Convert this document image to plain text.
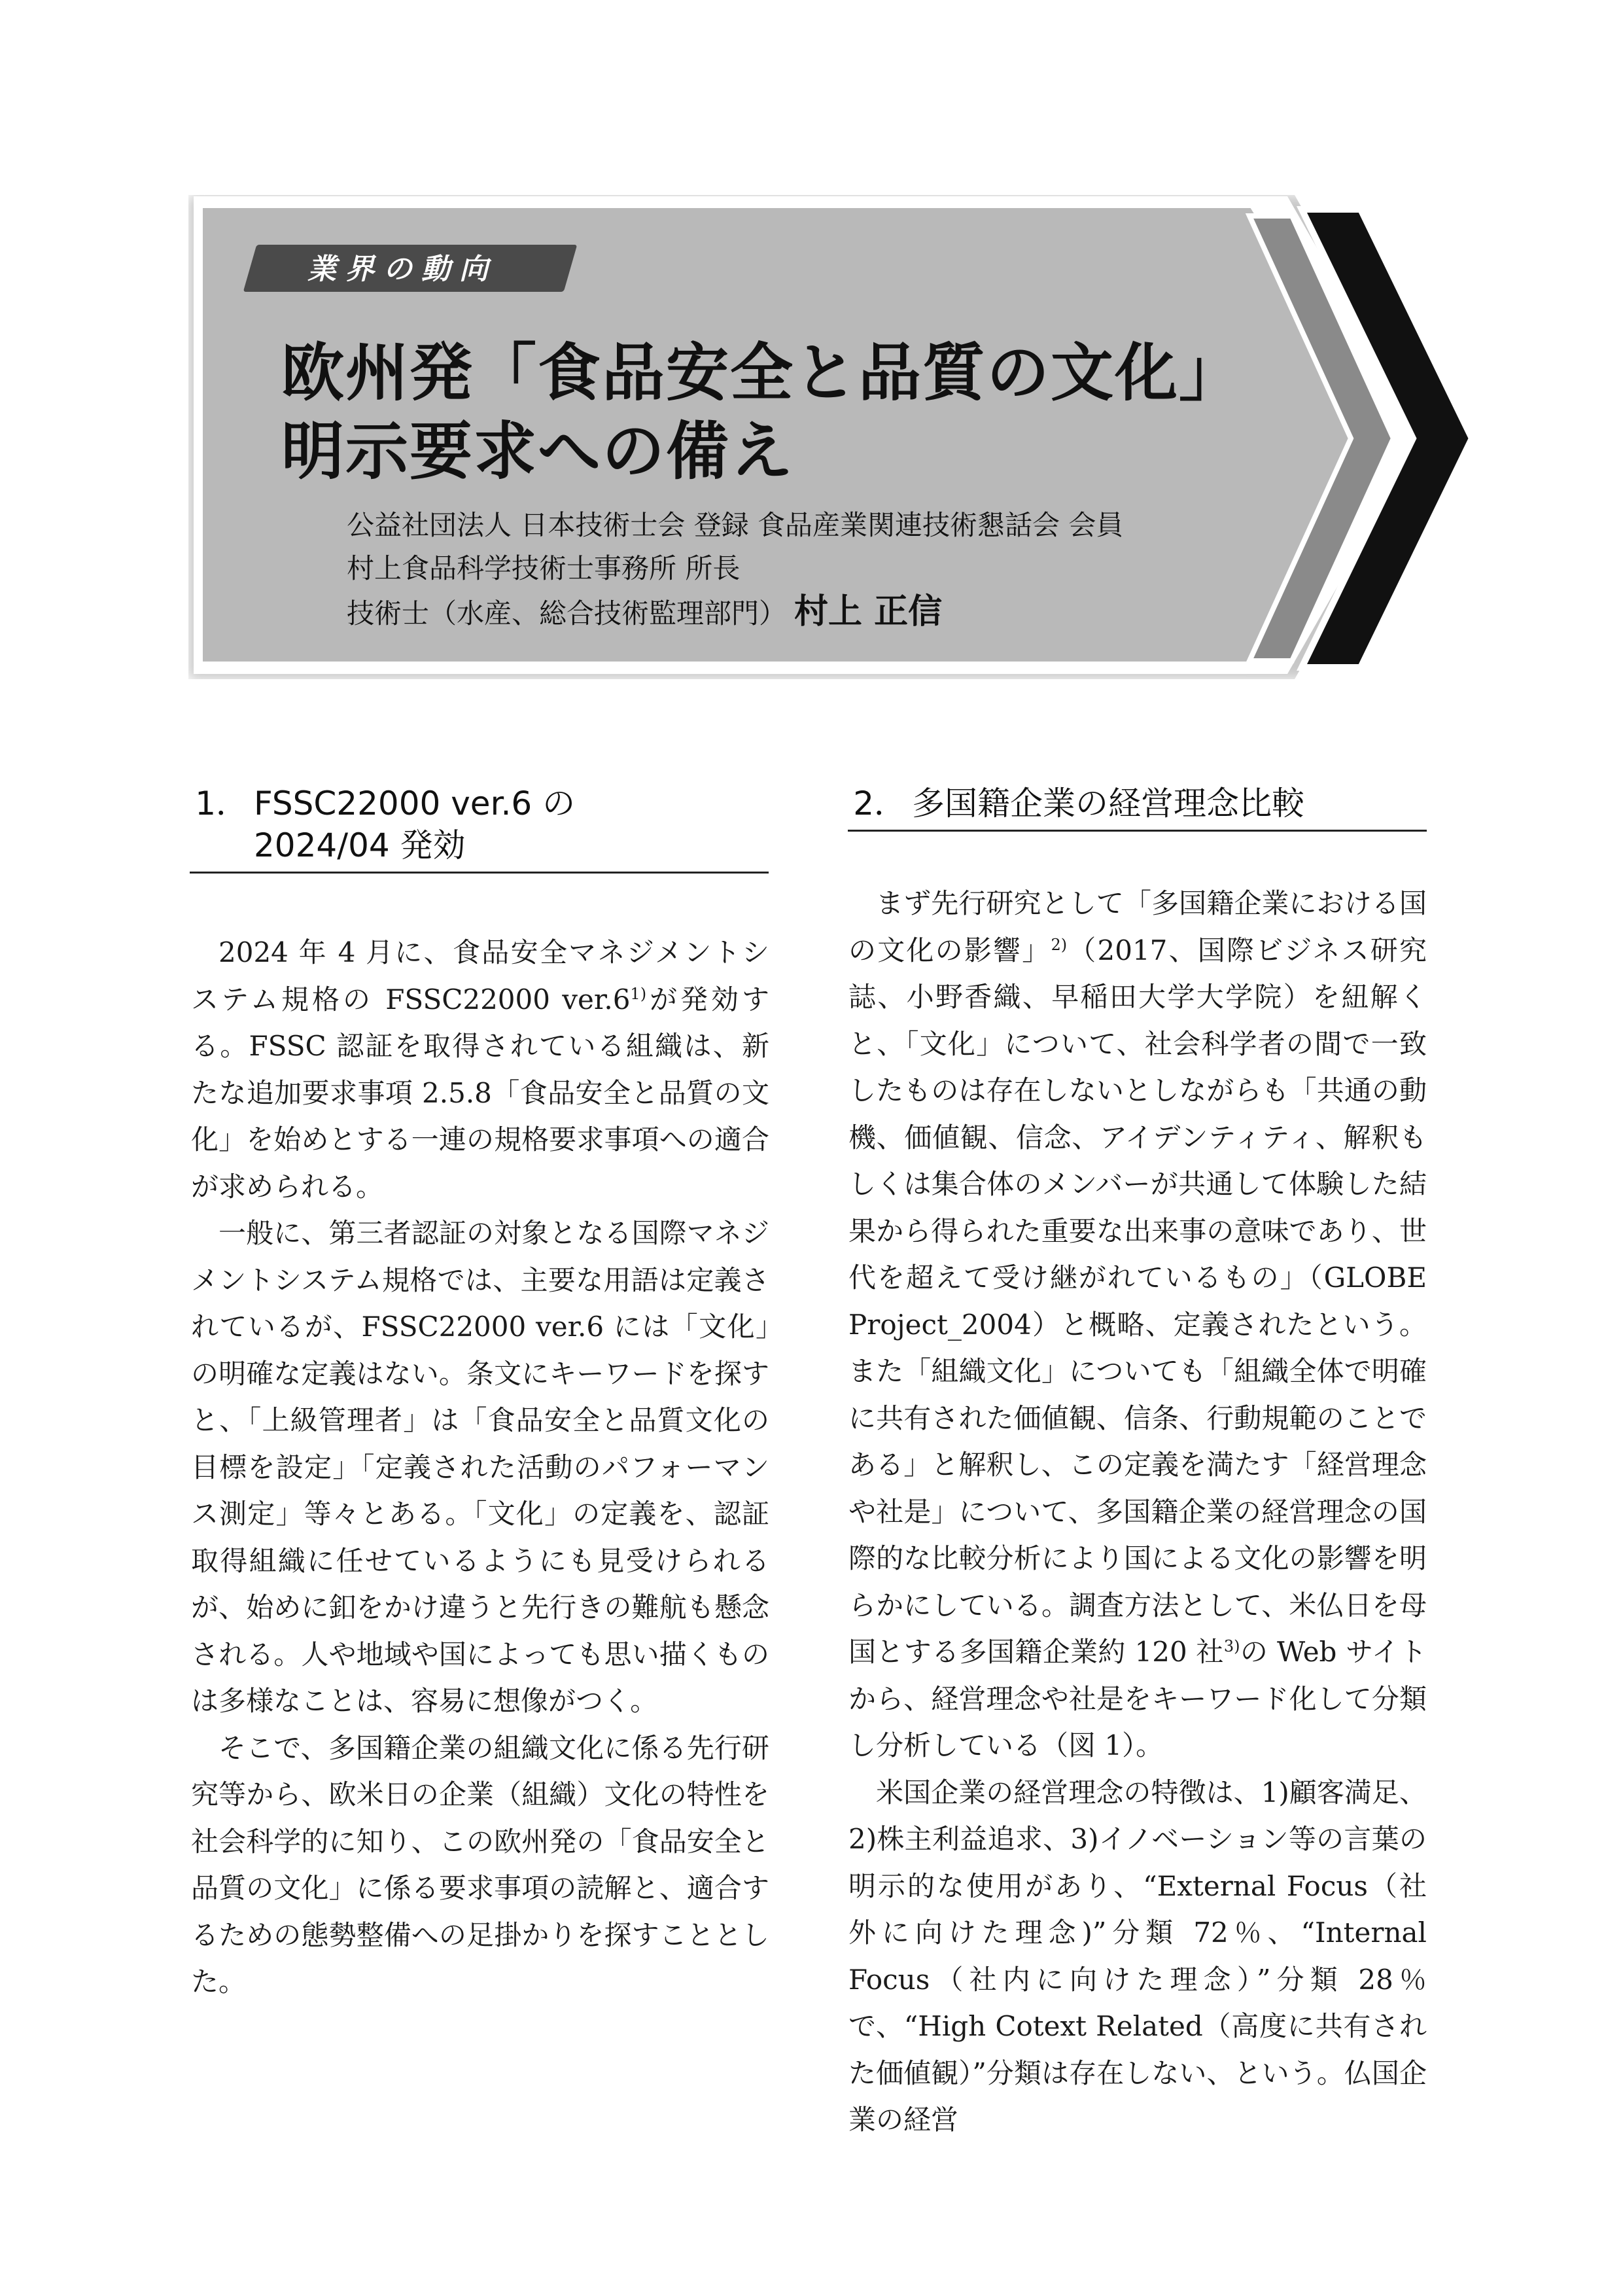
業界の動向
欧州発「食品安全と品質の文化」
明示要求への備え
公益社団法人 日本技術士会 登録 食品産業関連技術懇話会 会員
村上食品科学技術士事務所 所長
技術士（水産、総合技術監理部門） 村上 正信
1． FSSC22000 ver.6 の
2024/04 発効
2． 多国籍企業の経営理念比較

2024 年 4 月に、食品安全マネジメントシステム規格の FSSC22000 ver.6$^{1)}$が発効する。FSSC 認証を取得されている組織は、新たな追加要求事項 2.5.8「食品安全と品質の文化」を始めとする一連の規格要求事項への適合が求められる。

一般に、第三者認証の対象となる国際マネジメントシステム規格では、主要な用語は定義されているが、FSSC22000 ver.6 には「文化」の明確な定義はない。条文にキーワードを探すと、「上級管理者」は「食品安全と品質文化の目標を設定」「定義された活動のパフォーマンス測定」等々とある。「文化」の定義を、認証取得組織に任せているようにも見受けられるが、始めに釦をかけ違うと先行きの難航も懸念される。人や地域や国によっても思い描くものは多様なことは、容易に想像がつく。

そこで、多国籍企業の組織文化に係る先行研究等から、欧米日の企業（組織）文化の特性を社会科学的に知り、この欧州発の「食品安全と品質の文化」に係る要求事項の読解と、適合するための態勢整備への足掛かりを探すこととした。

まず先行研究として「多国籍企業における国の文化の影響」$^{2)}$（2017、国際ビジネス研究誌、小野香織、早稲田大学大学院）を紐解くと、「文化」について、社会科学者の間で一致したものは存在しないとしながらも「共通の動機、価値観、信念、アイデンティティ、解釈もしくは集合体のメンバーが共通して体験した結果から得られた重要な出来事の意味であり、世代を超えて受け継がれているもの」（GLOBE Project_2004）と概略、定義されたという。また「組織文化」についても「組織全体で明確に共有された価値観、信条、行動規範のことである」と解釈し、この定義を満たす「経営理念や社是」について、多国籍企業の経営理念の国際的な比較分析により国による文化の影響を明らかにしている。調査方法として、米仏日を母国とする多国籍企業約 120 社$^{3)}$の Web サイトから、経営理念や社是をキーワード化して分類し分析している（図 1）。

米国企業の経営理念の特徴は、1)顧客満足、2)株主利益追求、3)イノベーション等の言葉の明示的な使用があり、“External Focus（社外に向けた理念)”分類 72％、“Internal Focus（社内に向けた理念）”分類 28％で、“High Cotext Related（高度に共有された価値観）”分類は存在しない、という。仏国企業の経営
